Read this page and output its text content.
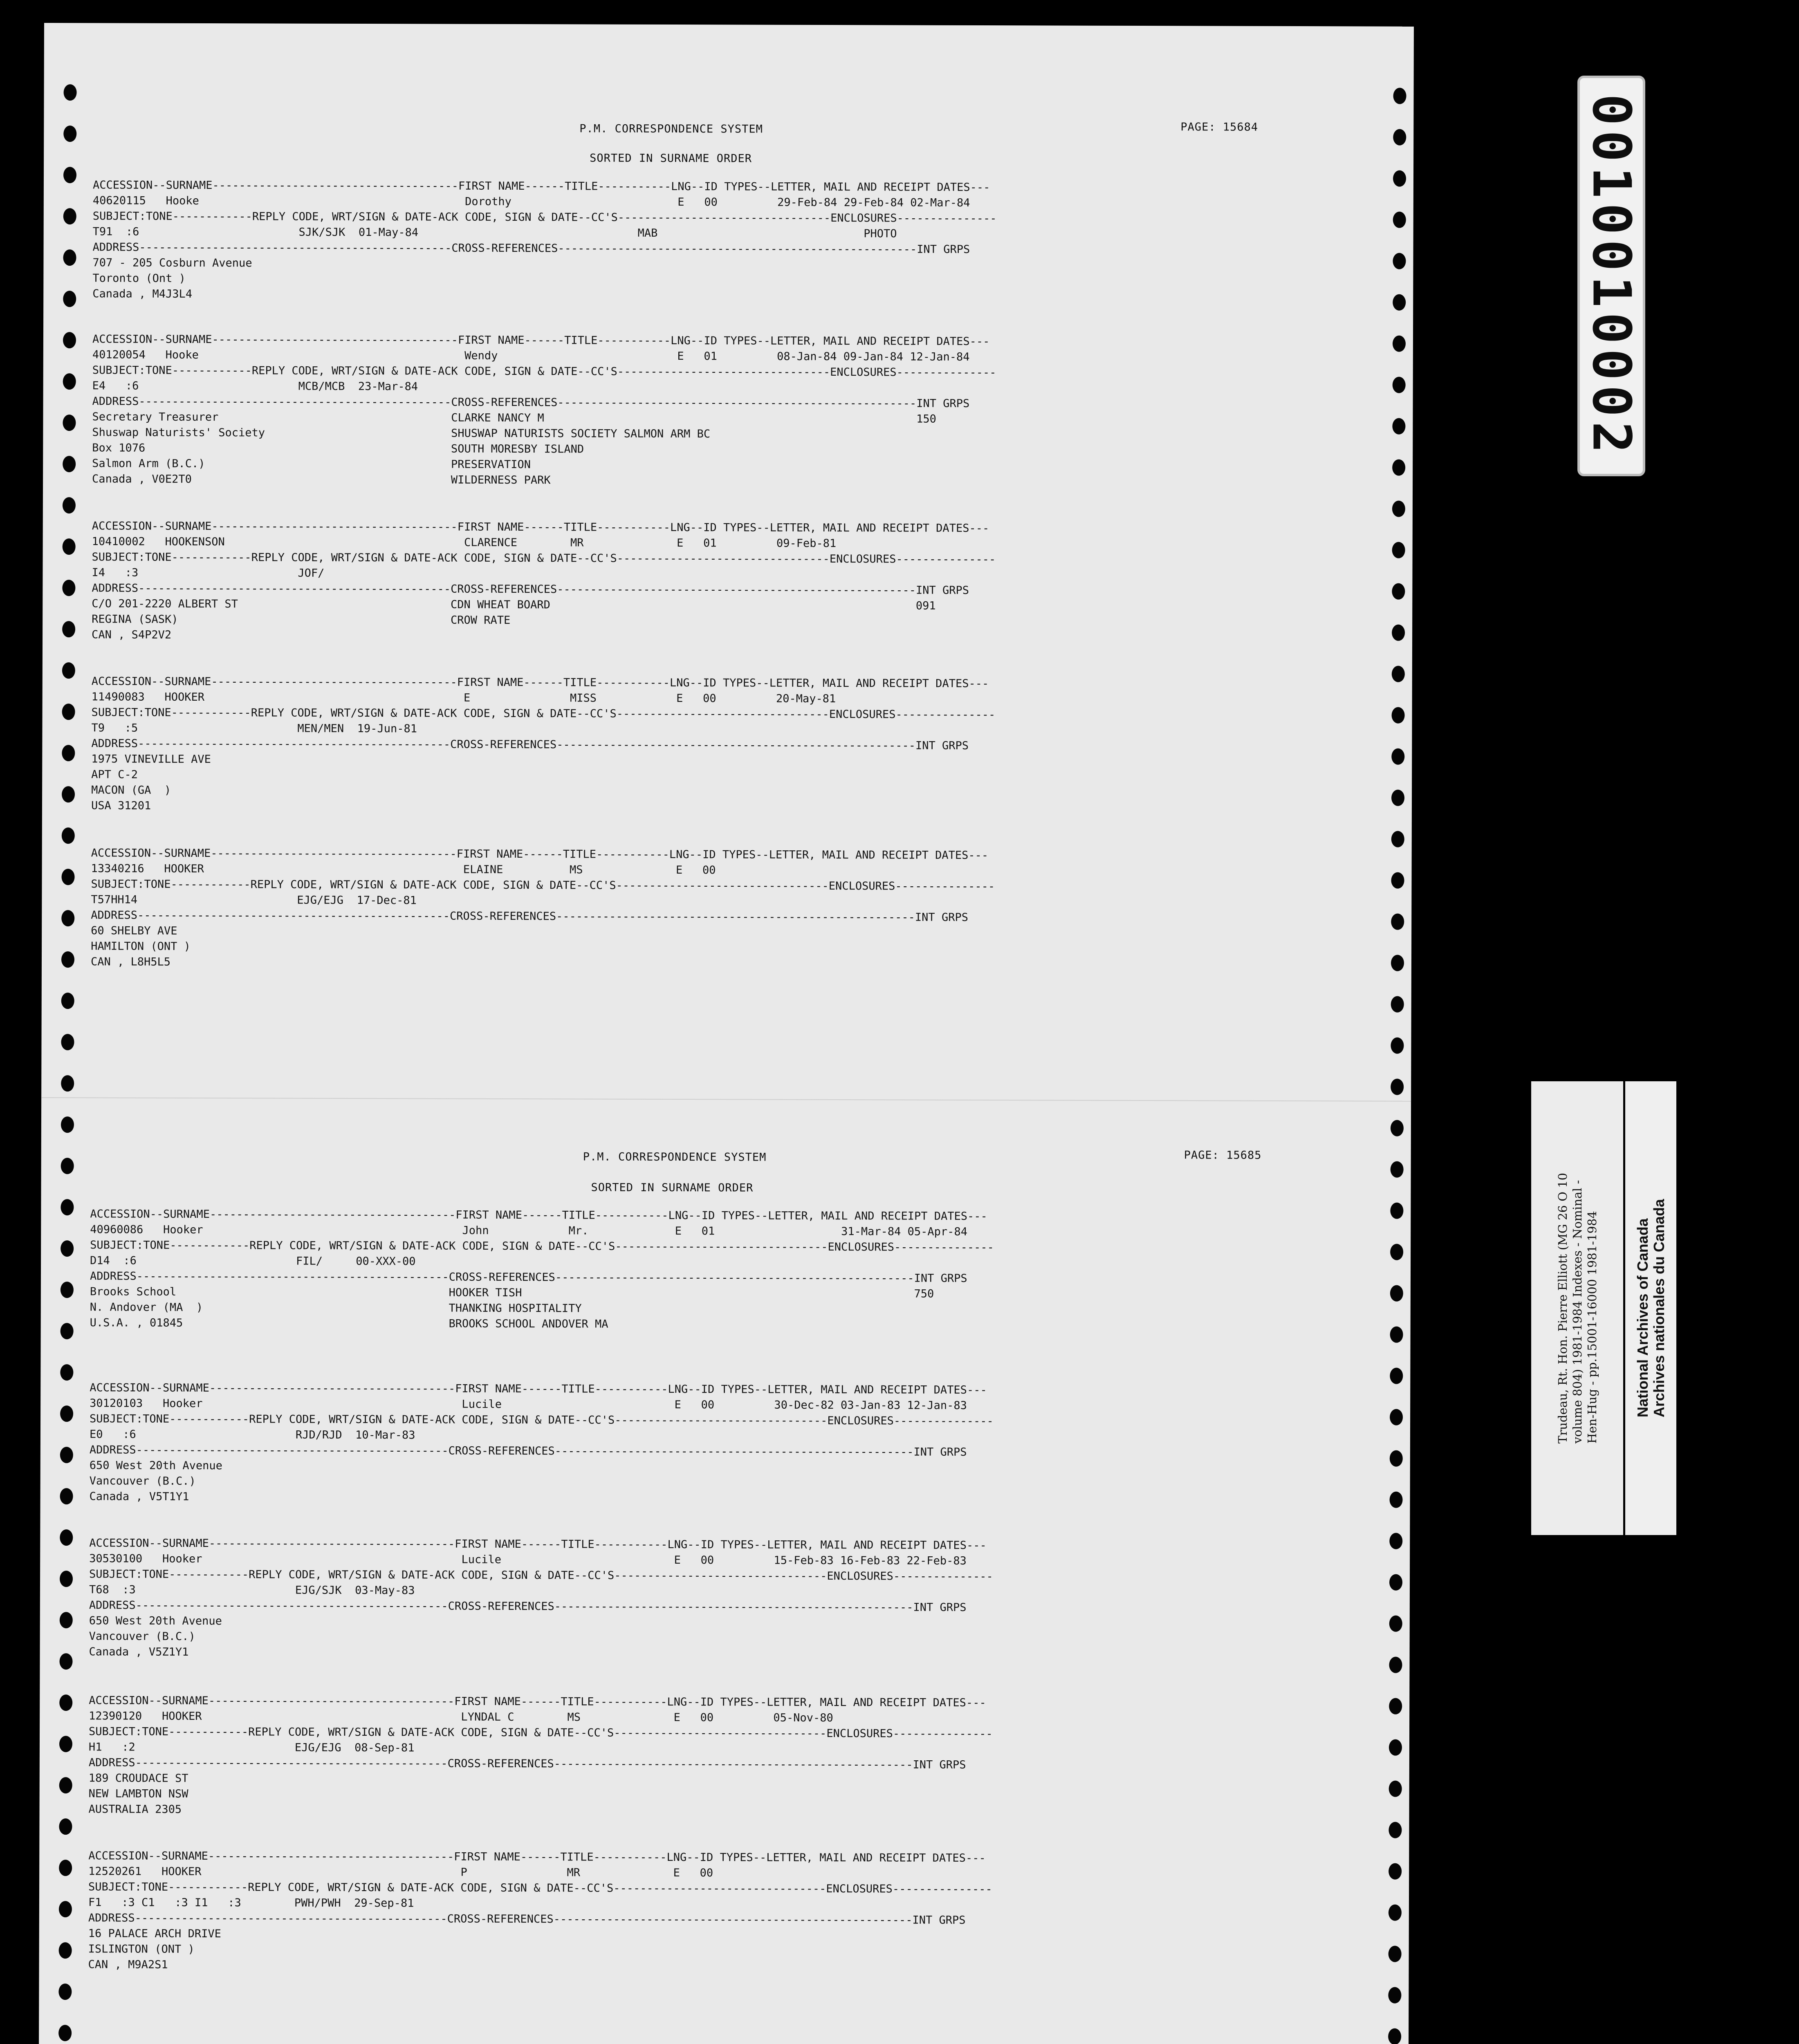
P.M. CORRESPONDENCE SYSTEM	PAGE: 15684
SORTED IN SURNAME ORDER
ACCESSION--SURNAME-------------------------------------FIRST NAME------TITLE-----------LNG--ID TYPES--LETTER, MAIL AND RECEIPT DATES---
40620115   Hooke                                        Dorothy                         E   00         29-Feb-84 29-Feb-84 02-Mar-84
SUBJECT:TONE------------REPLY CODE, WRT/SIGN & DATE-ACK CODE, SIGN & DATE--CC'S--------------------------------ENCLOSURES---------------
T91  :6                        SJK/SJK  01-May-84                                 MAB                               PHOTO
ADDRESS-----------------------------------------------CROSS-REFERENCES------------------------------------------------------INT GRPS
707 - 205 Cosburn Avenue
Toronto (Ont )
Canada , M4J3L4
ACCESSION--SURNAME-------------------------------------FIRST NAME------TITLE-----------LNG--ID TYPES--LETTER, MAIL AND RECEIPT DATES---
40120054   Hooke                                        Wendy                           E   01         08-Jan-84 09-Jan-84 12-Jan-84
SUBJECT:TONE------------REPLY CODE, WRT/SIGN & DATE-ACK CODE, SIGN & DATE--CC'S--------------------------------ENCLOSURES---------------
E4   :6                        MCB/MCB  23-Mar-84
ADDRESS-----------------------------------------------CROSS-REFERENCES------------------------------------------------------INT GRPS
Secretary Treasurer                                   CLARKE NANCY M                                                        150
Shuswap Naturists' Society                            SHUSWAP NATURISTS SOCIETY SALMON ARM BC
Box 1076                                              SOUTH MORESBY ISLAND
Salmon Arm (B.C.)                                     PRESERVATION
Canada , V0E2T0                                       WILDERNESS PARK
ACCESSION--SURNAME-------------------------------------FIRST NAME------TITLE-----------LNG--ID TYPES--LETTER, MAIL AND RECEIPT DATES---
10410002   HOOKENSON                                    CLARENCE        MR              E   01         09-Feb-81
SUBJECT:TONE------------REPLY CODE, WRT/SIGN & DATE-ACK CODE, SIGN & DATE--CC'S--------------------------------ENCLOSURES---------------
I4   :3                        JOF/
ADDRESS-----------------------------------------------CROSS-REFERENCES------------------------------------------------------INT GRPS
C/O 201-2220 ALBERT ST                                CDN WHEAT BOARD                                                       091
REGINA (SASK)                                         CROW RATE
CAN , S4P2V2
ACCESSION--SURNAME-------------------------------------FIRST NAME------TITLE-----------LNG--ID TYPES--LETTER, MAIL AND RECEIPT DATES---
11490083   HOOKER                                       E               MISS            E   00         20-May-81
SUBJECT:TONE------------REPLY CODE, WRT/SIGN & DATE-ACK CODE, SIGN & DATE--CC'S--------------------------------ENCLOSURES---------------
T9   :5                        MEN/MEN  19-Jun-81
ADDRESS-----------------------------------------------CROSS-REFERENCES------------------------------------------------------INT GRPS
1975 VINEVILLE AVE
APT C-2
MACON (GA  )
USA 31201
ACCESSION--SURNAME-------------------------------------FIRST NAME------TITLE-----------LNG--ID TYPES--LETTER, MAIL AND RECEIPT DATES---
13340216   HOOKER                                       ELAINE          MS              E   00
SUBJECT:TONE------------REPLY CODE, WRT/SIGN & DATE-ACK CODE, SIGN & DATE--CC'S--------------------------------ENCLOSURES---------------
T57HH14                        EJG/EJG  17-Dec-81
ADDRESS-----------------------------------------------CROSS-REFERENCES------------------------------------------------------INT GRPS
60 SHELBY AVE
HAMILTON (ONT )
CAN , L8H5L5
P.M. CORRESPONDENCE SYSTEM	PAGE: 15685
SORTED IN SURNAME ORDER
ACCESSION--SURNAME-------------------------------------FIRST NAME------TITLE-----------LNG--ID TYPES--LETTER, MAIL AND RECEIPT DATES---
40960086   Hooker                                       John            Mr.             E   01                   31-Mar-84 05-Apr-84
SUBJECT:TONE------------REPLY CODE, WRT/SIGN & DATE-ACK CODE, SIGN & DATE--CC'S--------------------------------ENCLOSURES---------------
D14  :6                        FIL/     00-XXX-00
ADDRESS-----------------------------------------------CROSS-REFERENCES------------------------------------------------------INT GRPS
Brooks School                                         HOOKER TISH                                                           750
N. Andover (MA  )                                     THANKING HOSPITALITY
U.S.A. , 01845                                        BROOKS SCHOOL ANDOVER MA
ACCESSION--SURNAME-------------------------------------FIRST NAME------TITLE-----------LNG--ID TYPES--LETTER, MAIL AND RECEIPT DATES---
30120103   Hooker                                       Lucile                          E   00         30-Dec-82 03-Jan-83 12-Jan-83
SUBJECT:TONE------------REPLY CODE, WRT/SIGN & DATE-ACK CODE, SIGN & DATE--CC'S--------------------------------ENCLOSURES---------------
E0   :6                        RJD/RJD  10-Mar-83
ADDRESS-----------------------------------------------CROSS-REFERENCES------------------------------------------------------INT GRPS
650 West 20th Avenue
Vancouver (B.C.)
Canada , V5T1Y1
ACCESSION--SURNAME-------------------------------------FIRST NAME------TITLE-----------LNG--ID TYPES--LETTER, MAIL AND RECEIPT DATES---
30530100   Hooker                                       Lucile                          E   00         15-Feb-83 16-Feb-83 22-Feb-83
SUBJECT:TONE------------REPLY CODE, WRT/SIGN & DATE-ACK CODE, SIGN & DATE--CC'S--------------------------------ENCLOSURES---------------
T68  :3                        EJG/SJK  03-May-83
ADDRESS-----------------------------------------------CROSS-REFERENCES------------------------------------------------------INT GRPS
650 West 20th Avenue
Vancouver (B.C.)
Canada , V5Z1Y1
ACCESSION--SURNAME-------------------------------------FIRST NAME------TITLE-----------LNG--ID TYPES--LETTER, MAIL AND RECEIPT DATES---
12390120   HOOKER                                       LYNDAL C        MS              E   00         05-Nov-80
SUBJECT:TONE------------REPLY CODE, WRT/SIGN & DATE-ACK CODE, SIGN & DATE--CC'S--------------------------------ENCLOSURES---------------
H1   :2                        EJG/EJG  08-Sep-81
ADDRESS-----------------------------------------------CROSS-REFERENCES------------------------------------------------------INT GRPS
189 CROUDACE ST
NEW LAMBTON NSW
AUSTRALIA 2305
ACCESSION--SURNAME-------------------------------------FIRST NAME------TITLE-----------LNG--ID TYPES--LETTER, MAIL AND RECEIPT DATES---
12520261   HOOKER                                       P               MR              E   00
SUBJECT:TONE------------REPLY CODE, WRT/SIGN & DATE-ACK CODE, SIGN & DATE--CC'S--------------------------------ENCLOSURES---------------
F1   :3 C1   :3 I1   :3        PWH/PWH  29-Sep-81
ADDRESS-----------------------------------------------CROSS-REFERENCES------------------------------------------------------INT GRPS
16 PALACE ARCH DRIVE
ISLINGTON (ONT )
CAN , M9A2S1
0010010002
Trudeau, Rt. Hon. Pierre Elliott (MG 26 O 10 volume 804) 1981-1984 Indexes - Nominal - Hen-Hug - pp.15001-16000 1981-1984 National Archives of Canada Archives nationales du Canada
